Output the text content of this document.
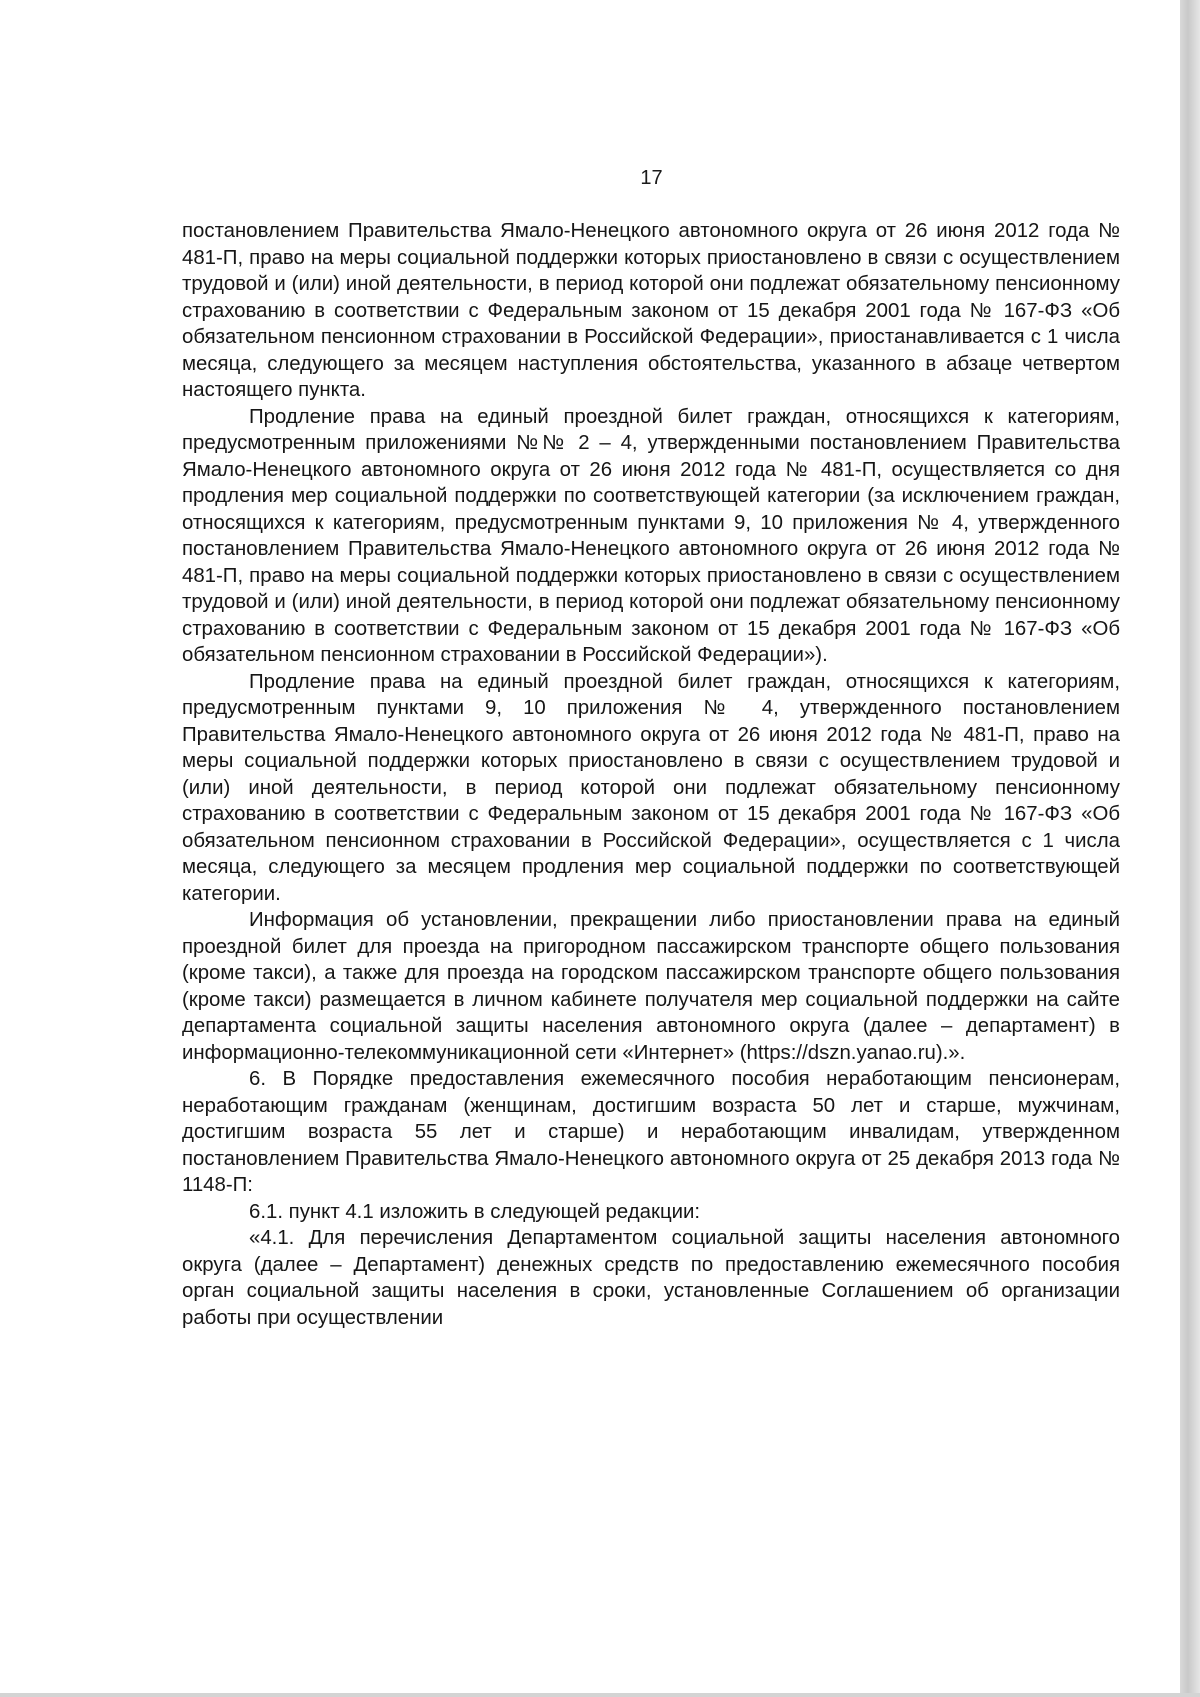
17

постановлением Правительства Ямало-Ненецкого автономного округа от 26 июня 2012 года № 481-П, право на меры социальной поддержки которых приостановлено в связи с осуществлением трудовой и (или) иной деятельности, в период которой они подлежат обязательному пенсионному страхованию в соответствии с Федеральным законом от 15 декабря 2001 года № 167-ФЗ «Об обязательном пенсионном страховании в Российской Федерации», приостанавливается с 1 числа месяца, следующего за месяцем наступления обстоятельства, указанного в абзаце четвертом настоящего пункта.

Продление права на единый проездной билет граждан, относящихся к категориям, предусмотренным приложениями №№ 2 – 4, утвержденными постановлением Правительства Ямало-Ненецкого автономного округа от 26 июня 2012 года № 481-П, осуществляется со дня продления мер социальной поддержки по соответствующей категории (за исключением граждан, относящихся к категориям, предусмотренным пунктами 9, 10 приложения № 4, утвержденного постановлением Правительства Ямало-Ненецкого автономного округа от 26 июня 2012 года № 481-П, право на меры социальной поддержки которых приостановлено в связи с осуществлением трудовой и (или) иной деятельности, в период которой они подлежат обязательному пенсионному страхованию в соответствии с Федеральным законом от 15 декабря 2001 года № 167-ФЗ «Об обязательном пенсионном страховании в Российской Федерации»).

Продление права на единый проездной билет граждан, относящихся к категориям, предусмотренным пунктами 9, 10 приложения № 4, утвержденного постановлением Правительства Ямало-Ненецкого автономного округа от 26 июня 2012 года № 481-П, право на меры социальной поддержки которых приостановлено в связи с осуществлением трудовой и (или) иной деятельности, в период которой они подлежат обязательному пенсионному страхованию в соответствии с Федеральным законом от 15 декабря 2001 года № 167-ФЗ «Об обязательном пенсионном страховании в Российской Федерации», осуществляется с 1 числа месяца, следующего за месяцем продления мер социальной поддержки по соответствующей категории.

Информация об установлении, прекращении либо приостановлении права на единый проездной билет для проезда на пригородном пассажирском транспорте общего пользования (кроме такси), а также для проезда на городском пассажирском транспорте общего пользования (кроме такси) размещается в личном кабинете получателя мер социальной поддержки на сайте департамента социальной защиты населения автономного округа (далее – департамент) в информационно-телекоммуникационной сети «Интернет» (https://dszn.yanao.ru).».

6. В Порядке предоставления ежемесячного пособия неработающим пенсионерам, неработающим гражданам (женщинам, достигшим возраста 50 лет и старше, мужчинам, достигшим возраста 55 лет и старше) и неработающим инвалидам, утвержденном постановлением Правительства Ямало-Ненецкого автономного округа от 25 декабря 2013 года № 1148-П:

6.1. пункт 4.1 изложить в следующей редакции:

«4.1. Для перечисления Департаментом социальной защиты населения автономного округа (далее – Департамент) денежных средств по предоставлению ежемесячного пособия орган социальной защиты населения в сроки, установленные Соглашением об организации работы при осуществлении
